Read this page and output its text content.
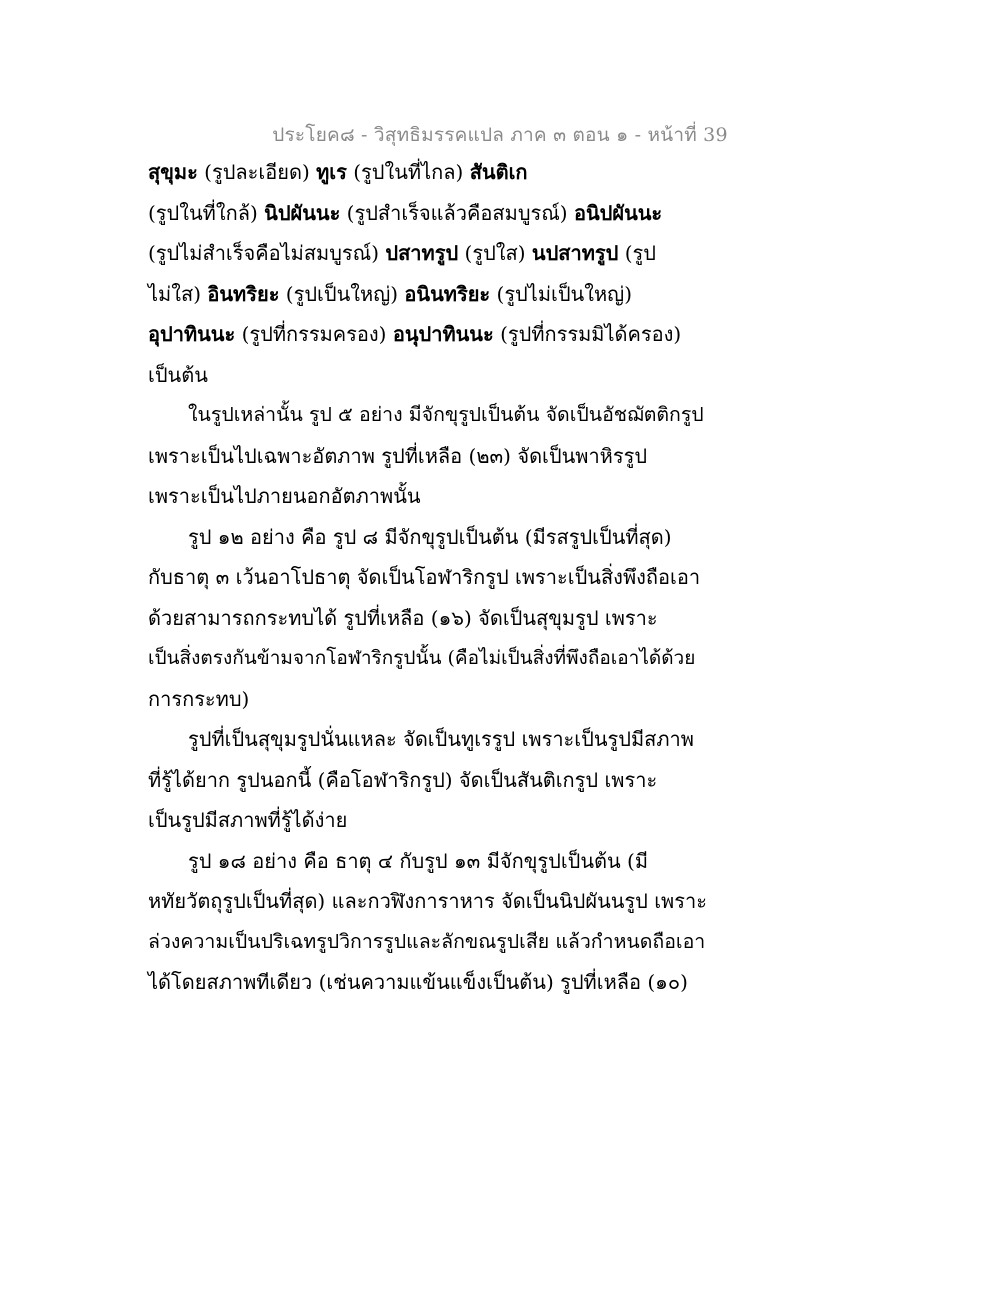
ประโยค๘ - วิสุทธิมรรคแปล ภาค ๓ ตอน ๑ - หน้าที่ 39
สุขุมะ (รูปละเอียด) ทูเร (รูปในที่ไกล) สันติเก
(รูปในที่ใกล้) นิปผันนะ (รูปสำเร็จแล้วคือสมบูรณ์) อนิปผันนะ
(รูปไม่สำเร็จคือไม่สมบูรณ์) ปสาทรูป (รูปใส) นปสาทรูป (รูป
ไม่ใส) อินทริยะ (รูปเป็นใหญ่) อนินทริยะ (รูปไม่เป็นใหญ่)
อุปาทินนะ (รูปที่กรรมครอง) อนุปาทินนะ (รูปที่กรรมมิได้ครอง)
เป็นต้น
ในรูปเหล่านั้น รูป ๕ อย่าง มีจักขุรูปเป็นต้น จัดเป็นอัชฌัตติกรูป
เพราะเป็นไปเฉพาะอัตภาพ รูปที่เหลือ (๒๓) จัดเป็นพาหิรรูป
เพราะเป็นไปภายนอกอัตภาพนั้น
รูป ๑๒ อย่าง คือ รูป ๘ มีจักขุรูปเป็นต้น (มีรสรูปเป็นที่สุด)
กับธาตุ ๓ เว้นอาโปธาตุ จัดเป็นโอฬาริกรูป เพราะเป็นสิ่งพึงถือเอา
ด้วยสามารถกระทบได้ รูปที่เหลือ (๑๖) จัดเป็นสุขุมรูป เพราะ
เป็นสิ่งตรงกันข้ามจากโอฬาริกรูปนั้น (คือไม่เป็นสิ่งที่พึงถือเอาได้ด้วย
การกระทบ)
รูปที่เป็นสุขุมรูปนั่นแหละ จัดเป็นทูเรรูป เพราะเป็นรูปมีสภาพ
ที่รู้ได้ยาก รูปนอกนี้ (คือโอฬาริกรูป) จัดเป็นสันติเกรูป เพราะ
เป็นรูปมีสภาพที่รู้ได้ง่าย
รูป ๑๘ อย่าง คือ ธาตุ ๔ กับรูป ๑๓ มีจักขุรูปเป็นต้น (มี
หทัยวัตถุรูปเป็นที่สุด) และกวฬิงการาหาร จัดเป็นนิปผันนรูป เพราะ
ล่วงความเป็นปริเฉทรูปวิการรูปและลักขณรูปเสีย แล้วกำหนดถือเอา
ได้โดยสภาพทีเดียว (เช่นความแข้นแข็งเป็นต้น) รูปที่เหลือ (๑๐)
